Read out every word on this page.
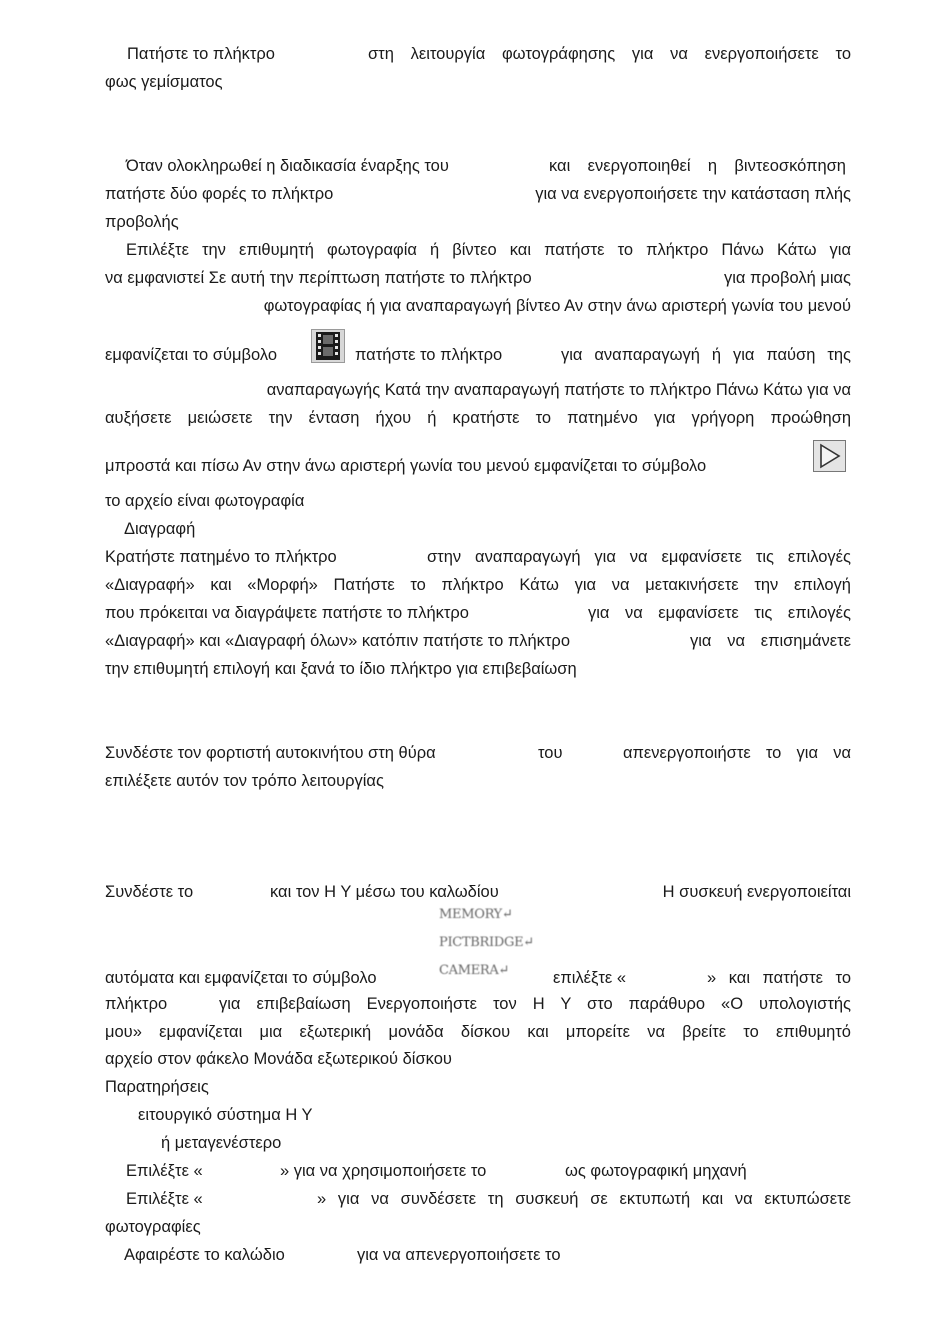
Πατήστε το πλήκτρο	στη λειτουργία φωτογράφησης για να ενεργοποιήσετε το
φως γεμίσματος
Όταν ολοκληρωθεί η διαδικασία έναρξης του	και ενεργοποιηθεί η βιντεοσκόπηση
πατήστε δύο φορές το πλήκτρο	για να ενεργοποιήσετε την κατάσταση πλής
προβολής
Επιλέξτε την επιθυμητή φωτογραφία ή βίντεο και πατήστε το πλήκτρο Πάνω Κάτω για
να εμφανιστεί Σε αυτή την περίπτωση πατήστε το πλήκτρο	για προβολή μιας
φωτογραφίας ή για αναπαραγωγή βίντεο Αν στην άνω αριστερή γωνία του μενού
εμφανίζεται το σύμβολο	πατήστε το πλήκτρο	για αναπαραγωγή ή για παύση της
αναπαραγωγής Κατά την αναπαραγωγή πατήστε το πλήκτρο Πάνω Κάτω για να
αυξήσετε μειώσετε την ένταση ήχου ή κρατήστε το πατημένο για γρήγορη προώθηση
μπροστά και πίσω Αν στην άνω αριστερή γωνία του μενού εμφανίζεται το σύμβολο
το αρχείο είναι φωτογραφία
Διαγραφή
Κρατήστε πατημένο το πλήκτρο	στην αναπαραγωγή για να εμφανίσετε τις επιλογές
«Διαγραφή» και «Μορφή» Πατήστε το πλήκτρο Κάτω για να μετακινήσετε την επιλογή
που πρόκειται να διαγράψετε πατήστε το πλήκτρο	για να εμφανίσετε τις επιλογές
«Διαγραφή» και «Διαγραφή όλων» κατόπιν πατήστε το πλήκτρο	για να επισημάνετε
την επιθυμητή επιλογή και ξανά το ίδιο πλήκτρο για επιβεβαίωση
Συνδέστε τον φορτιστή αυτοκινήτου στη θύρα	του	απενεργοποιήστε το για να
επιλέξετε αυτόν τον τρόπο λειτουργίας
Συνδέστε το	και τον Η Υ μέσω του καλωδίου	Η συσκευή ενεργοποιείται
MEMORY↵
PICTBRIDGE↵
CAMERA↵
αυτόματα και εμφανίζεται το σύμβολο	επιλέξτε «	» και πατήστε το
πλήκτρο	για επιβεβαίωση Ενεργοποιήστε τον Η Υ στο παράθυρο «Ο υπολογιστής
μου» εμφανίζεται μια εξωτερική μονάδα δίσκου και μπορείτε να βρείτε το επιθυμητό
αρχείο στον φάκελο Μονάδα εξωτερικού δίσκου
Παρατηρήσεις
ειτουργικό σύστημα Η Υ
ή μεταγενέστερο
Επιλέξτε «	» για να χρησιμοποιήσετε το	ως φωτογραφική μηχανή
Επιλέξτε «	» για να συνδέσετε τη συσκευή σε εκτυπωτή και να εκτυπώσετε
φωτογραφίες
Αφαιρέστε το καλώδιο	για να απενεργοποιήσετε το
